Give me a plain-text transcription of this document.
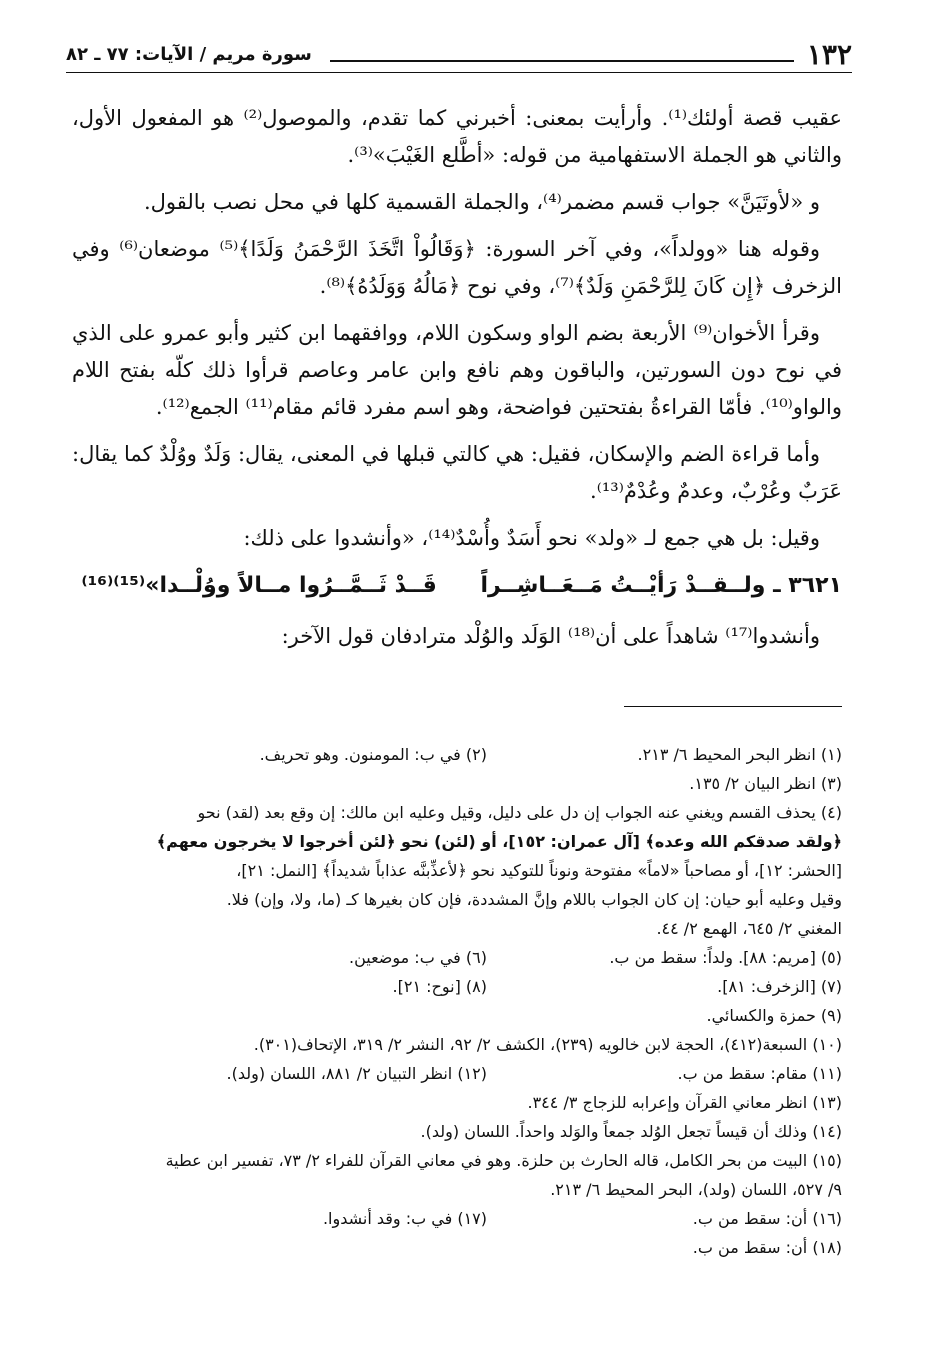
١٣٢
سورة مريم / الآيات: ٧٧ ـ ٨٢

عقيب قصة أولئك⁽¹⁾. وأرأيت بمعنى: أخبرني كما تقدم، والموصول⁽²⁾ هو المفعول الأول، والثاني هو الجملة الاستفهامية من قوله: «أطَّلع الغَيْبَ»⁽³⁾.

و «لأوتَيَنَّ» جواب قسم مضمر⁽⁴⁾، والجملة القسمية كلها في محل نصب بالقول.

وقوله هنا «وولداً»، وفي آخر السورة: ﴿وَقَالُواْ اتَّخَذَ الرَّحْمَنُ وَلَدًا﴾⁽⁵⁾ موضعان⁽⁶⁾ وفي الزخرف ﴿إِن كَانَ لِلرَّحْمَنِ وَلَدٌ﴾⁽⁷⁾، وفي نوح ﴿مَالُهُ وَوَلَدُهُ﴾⁽⁸⁾.

وقرأ الأخوان⁽⁹⁾ الأربعة بضم الواو وسكون اللام، ووافقهما ابن كثير وأبو عمرو على الذي في نوح دون السورتين، والباقون وهم نافع وابن عامر وعاصم قرأوا ذلك كلّه بفتح اللام والواو⁽¹⁰⁾. فأمّا القراءةُ بفتحتين فواضحة، وهو اسم مفرد قائم مقام⁽¹¹⁾ الجمع⁽¹²⁾.

وأما قراءة الضم والإسكان، فقيل: هي كالتي قبلها في المعنى، يقال: وَلَدٌ ووُلْدٌ كما يقال: عَرَبٌ وعُرْبٌ، وعدمٌ وعُدْمٌ⁽¹³⁾.

وقيل: بل هي جمع لـ «ولد» نحو أَسَدٌ وأُسْدٌ⁽¹⁴⁾، «وأنشدوا على ذلك:

٣٦٢١ ـ ولــقــدْ رَأيْــتُ مَــعَــاشِــراً قَــدْ ثَــمَّــرُوا مــالاً ووُلْــدا»⁽¹⁵⁾⁽¹⁶⁾

وأنشدوا⁽¹⁷⁾ شاهداً على أن⁽¹⁸⁾ الوَلَد والوُلْد مترادفان قول الآخر:

(١) انظر البحر المحيط ٦/ ٢١٣.
(٢) في ب: المومنون. وهو تحريف.
(٣) انظر البيان ٢/ ١٣٥.
(٤) يحذف القسم ويغني عنه الجواب إن دل على دليل، وقيل وعليه ابن مالك: إن وقع بعد (لقد) نحو
﴿ولقد صدقكم الله وعده﴾ [آل عمران: ١٥٢]، أو (لئن) نحو ﴿لئن أخرجوا لا يخرجون معهم﴾
[الحشر: ١٢]، أو مصاحباً «لاماً» مفتوحة ونوناً للتوكيد نحو ﴿لأعذِّبنَّه عذاباً شديداً﴾ [النمل: ٢١]،
وقيل وعليه أبو حيان: إن كان الجواب باللام وإنَّ المشددة، فإن كان بغيرها كـ (ما، ولا، وإن) فلا.
المغني ٢/ ٦٤٥، الهمع ٢/ ٤٤.
(٥) [مريم: ٨٨]. ولداً: سقط من ب.
(٦) في ب: موضعين.
(٧) [الزخرف: ٨١].
(٨) [نوح: ٢١].
(٩) حمزة والكسائي.
(١٠) السبعة(٤١٢)، الحجة لابن خالويه (٢٣٩)، الكشف ٢/ ٩٢، النشر ٢/ ٣١٩، الإتحاف(٣٠١).
(١١) مقام: سقط من ب.
(١٢) انظر التبيان ٢/ ٨٨١، اللسان (ولد).
(١٣) انظر معاني القرآن وإعرابه للزجاج ٣/ ٣٤٤.
(١٤) وذلك أن قيساً تجعل الوُلد جمعاً والوَلد واحداً. اللسان (ولد).
(١٥) البيت من بحر الكامل، قاله الحارث بن حلزة. وهو في معاني القرآن للفراء ٢/ ٧٣، تفسير ابن عطية
٩/ ٥٢٧، اللسان (ولد)، البحر المحيط ٦/ ٢١٣.
(١٦) أن: سقط من ب.
(١٧) في ب: وقد أنشدوا.
(١٨) أن: سقط من ب.
